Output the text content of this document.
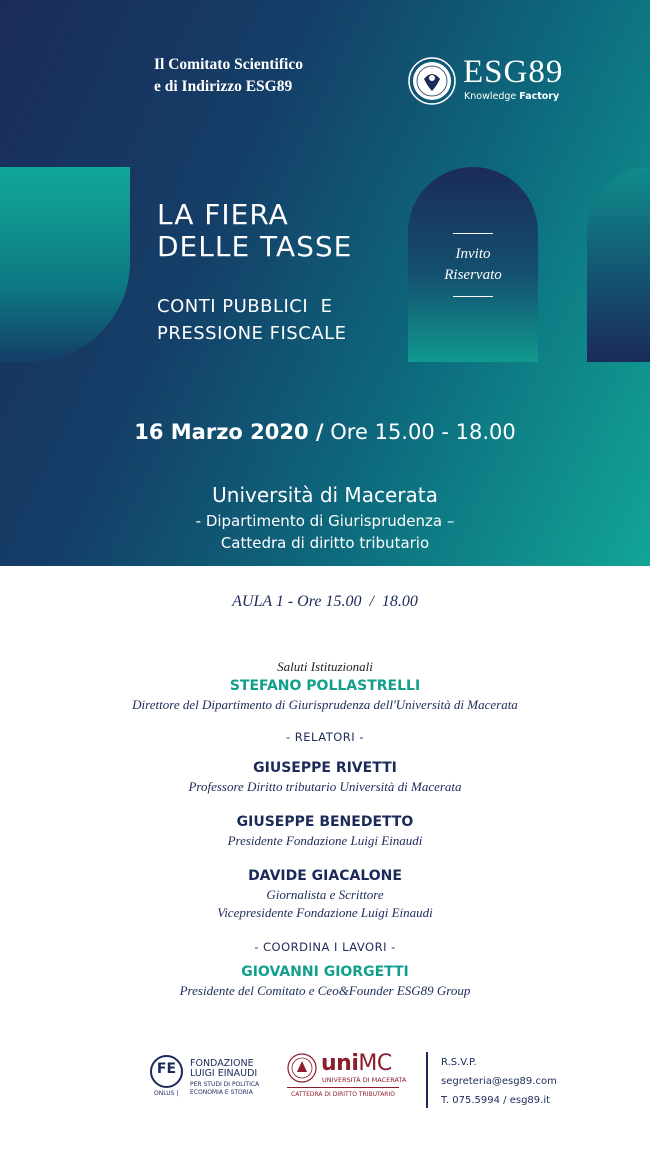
Il Comitato Scientifico
e di Indirizzo ESG89	ESG89
Knowledge Factory
LA FIERA
DELLE TASSE
CONTI PUBBLICI  E
PRESSIONE FISCALE
Invito
Riservato
16 Marzo 2020 / Ore 15.00 - 18.00
Università di Macerata
- Dipartimento di Giurisprudenza –
Cattedra di diritto tributario
AULA 1 - Ore 15.00  /  18.00
Saluti Istituzionali
STEFANO POLLASTRELLI
Direttore del Dipartimento di Giurisprudenza dell'Università di Macerata
- RELATORI -
GIUSEPPE RIVETTI
Professore Diritto tributario Università di Macerata
GIUSEPPE BENEDETTO
Presidente Fondazione Luigi Einaudi
DAVIDE GIACALONE
Giornalista e Scrittore
Vicepresidente Fondazione Luigi Einaudi
- COORDINA I LAVORI -
GIOVANNI GIORGETTI
Presidente del Comitato e Ceo&Founder ESG89 Group
FE
ONLUS |
FONDAZIONE
LUIGI EINAUDI
PER STUDI DI POLITICA
ECONOMIA E STORIA
uniMC
UNIVERSITÀ DI MACERATA
CATTEDRA DI DIRITTO TRIBUTARIO
R.S.V.P.
segreteria@esg89.com
T. 075.5994 / esg89.it
